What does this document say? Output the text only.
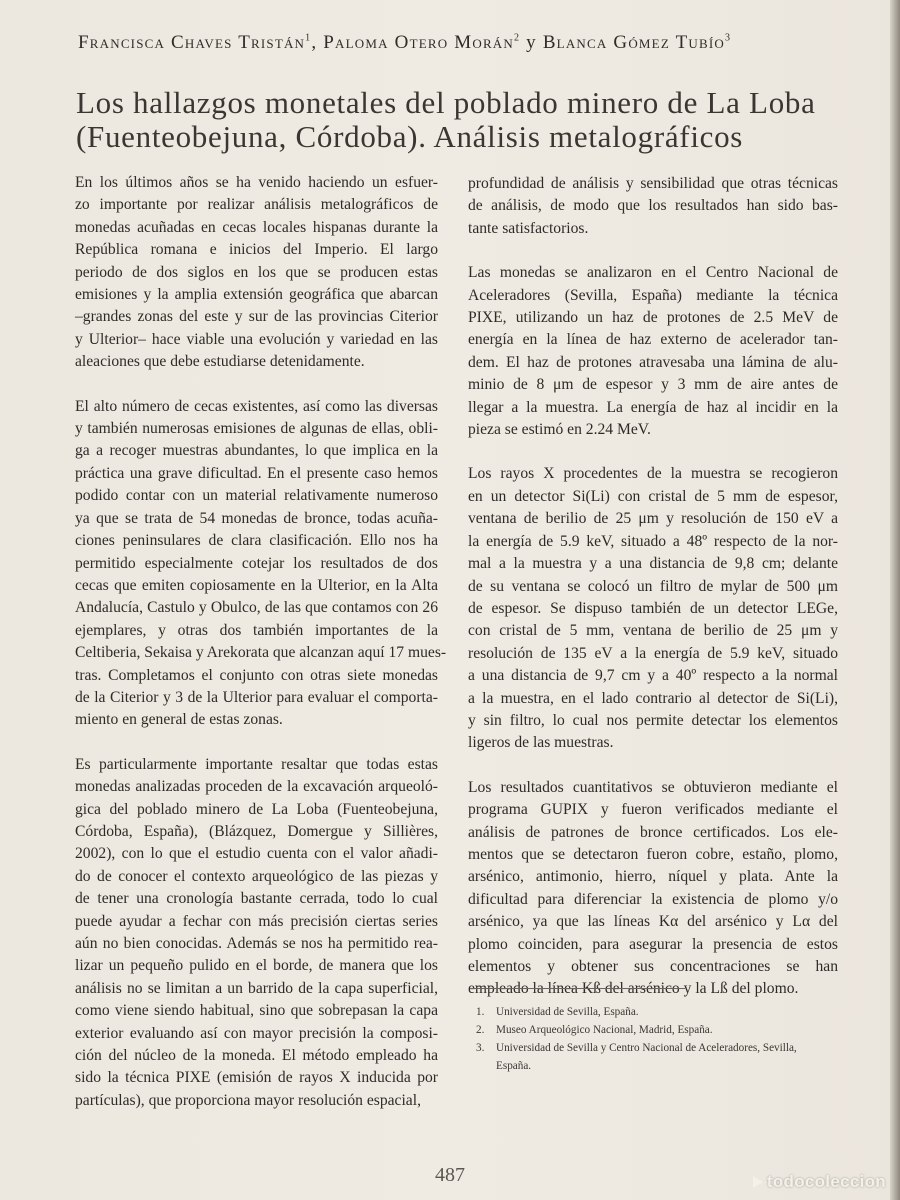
Francisca Chaves Tristán$^1$, Paloma Otero Morán$^2$ y Blanca Gómez Tubío$^3$
Los hallazgos monetales del poblado minero de La Loba
(Fuenteobejuna, Córdoba). Análisis metalográficos
En los últimos años se ha venido haciendo un esfuer-
zo importante por realizar análisis metalográficos de
monedas acuñadas en cecas locales hispanas durante la
República romana e inicios del Imperio. El largo
periodo de dos siglos en los que se producen estas
emisiones y la amplia extensión geográfica que abarcan
–grandes zonas del este y sur de las provincias Citerior
y Ulterior– hace viable una evolución y variedad en las
aleaciones que debe estudiarse detenidamente.
El alto número de cecas existentes, así como las diversas
y también numerosas emisiones de algunas de ellas, obli-
ga a recoger muestras abundantes, lo que implica en la
práctica una grave dificultad. En el presente caso hemos
podido contar con un material relativamente numeroso
ya que se trata de 54 monedas de bronce, todas acuña-
ciones peninsulares de clara clasificación. Ello nos ha
permitido especialmente cotejar los resultados de dos
cecas que emiten copiosamente en la Ulterior, en la Alta
Andalucía, Castulo y Obulco, de las que contamos con 26
ejemplares, y otras dos también importantes de la
Celtiberia, Sekaisa y Arekorata que alcanzan aquí 17 mues-
tras. Completamos el conjunto con otras siete monedas
de la Citerior y 3 de la Ulterior para evaluar el comporta-
miento en general de estas zonas.
Es particularmente importante resaltar que todas estas
monedas analizadas proceden de la excavación arqueoló-
gica del poblado minero de La Loba (Fuenteobejuna,
Córdoba, España), (Blázquez, Domergue y Sillières,
2002), con lo que el estudio cuenta con el valor añadi-
do de conocer el contexto arqueológico de las piezas y
de tener una cronología bastante cerrada, todo lo cual
puede ayudar a fechar con más precisión ciertas series
aún no bien conocidas. Además se nos ha permitido rea-
lizar un pequeño pulido en el borde, de manera que los
análisis no se limitan a un barrido de la capa superficial,
como viene siendo habitual, sino que sobrepasan la capa
exterior evaluando así con mayor precisión la composi-
ción del núcleo de la moneda. El método empleado ha
sido la técnica PIXE (emisión de rayos X inducida por
partículas), que proporciona mayor resolución espacial,
profundidad de análisis y sensibilidad que otras técnicas
de análisis, de modo que los resultados han sido bas-
tante satisfactorios.
Las monedas se analizaron en el Centro Nacional de
Aceleradores (Sevilla, España) mediante la técnica
PIXE, utilizando un haz de protones de 2.5 MeV de
energía en la línea de haz externo de acelerador tan-
dem. El haz de protones atravesaba una lámina de alu-
minio de 8 μm de espesor y 3 mm de aire antes de
llegar a la muestra. La energía de haz al incidir en la
pieza se estimó en 2.24 MeV.
Los rayos X procedentes de la muestra se recogieron
en un detector Si(Li) con cristal de 5 mm de espesor,
ventana de berilio de 25 μm y resolución de 150 eV a
la energía de 5.9 keV, situado a 48º respecto de la nor-
mal a la muestra y a una distancia de 9,8 cm; delante
de su ventana se colocó un filtro de mylar de 500 μm
de espesor. Se dispuso también de un detector LEGe,
con cristal de 5 mm, ventana de berilio de 25 μm y
resolución de 135 eV a la energía de 5.9 keV, situado
a una distancia de 9,7 cm y a 40º respecto a la normal
a la muestra, en el lado contrario al detector de Si(Li),
y sin filtro, lo cual nos permite detectar los elementos
ligeros de las muestras.
Los resultados cuantitativos se obtuvieron mediante el
programa GUPIX y fueron verificados mediante el
análisis de patrones de bronce certificados. Los ele-
mentos que se detectaron fueron cobre, estaño, plomo,
arsénico, antimonio, hierro, níquel y plata. Ante la
dificultad para diferenciar la existencia de plomo y/o
arsénico, ya que las líneas Kα del arsénico y Lα del
plomo coinciden, para asegurar la presencia de estos
elementos y obtener sus concentraciones se han
empleado la línea Kß del arsénico y la Lß del plomo.
1.	Universidad de Sevilla, España.
2.	Museo Arqueológico Nacional, Madrid, España.
3.	Universidad de Sevilla y Centro Nacional de Aceleradores, Sevilla,
España.
487	todocoleccion
